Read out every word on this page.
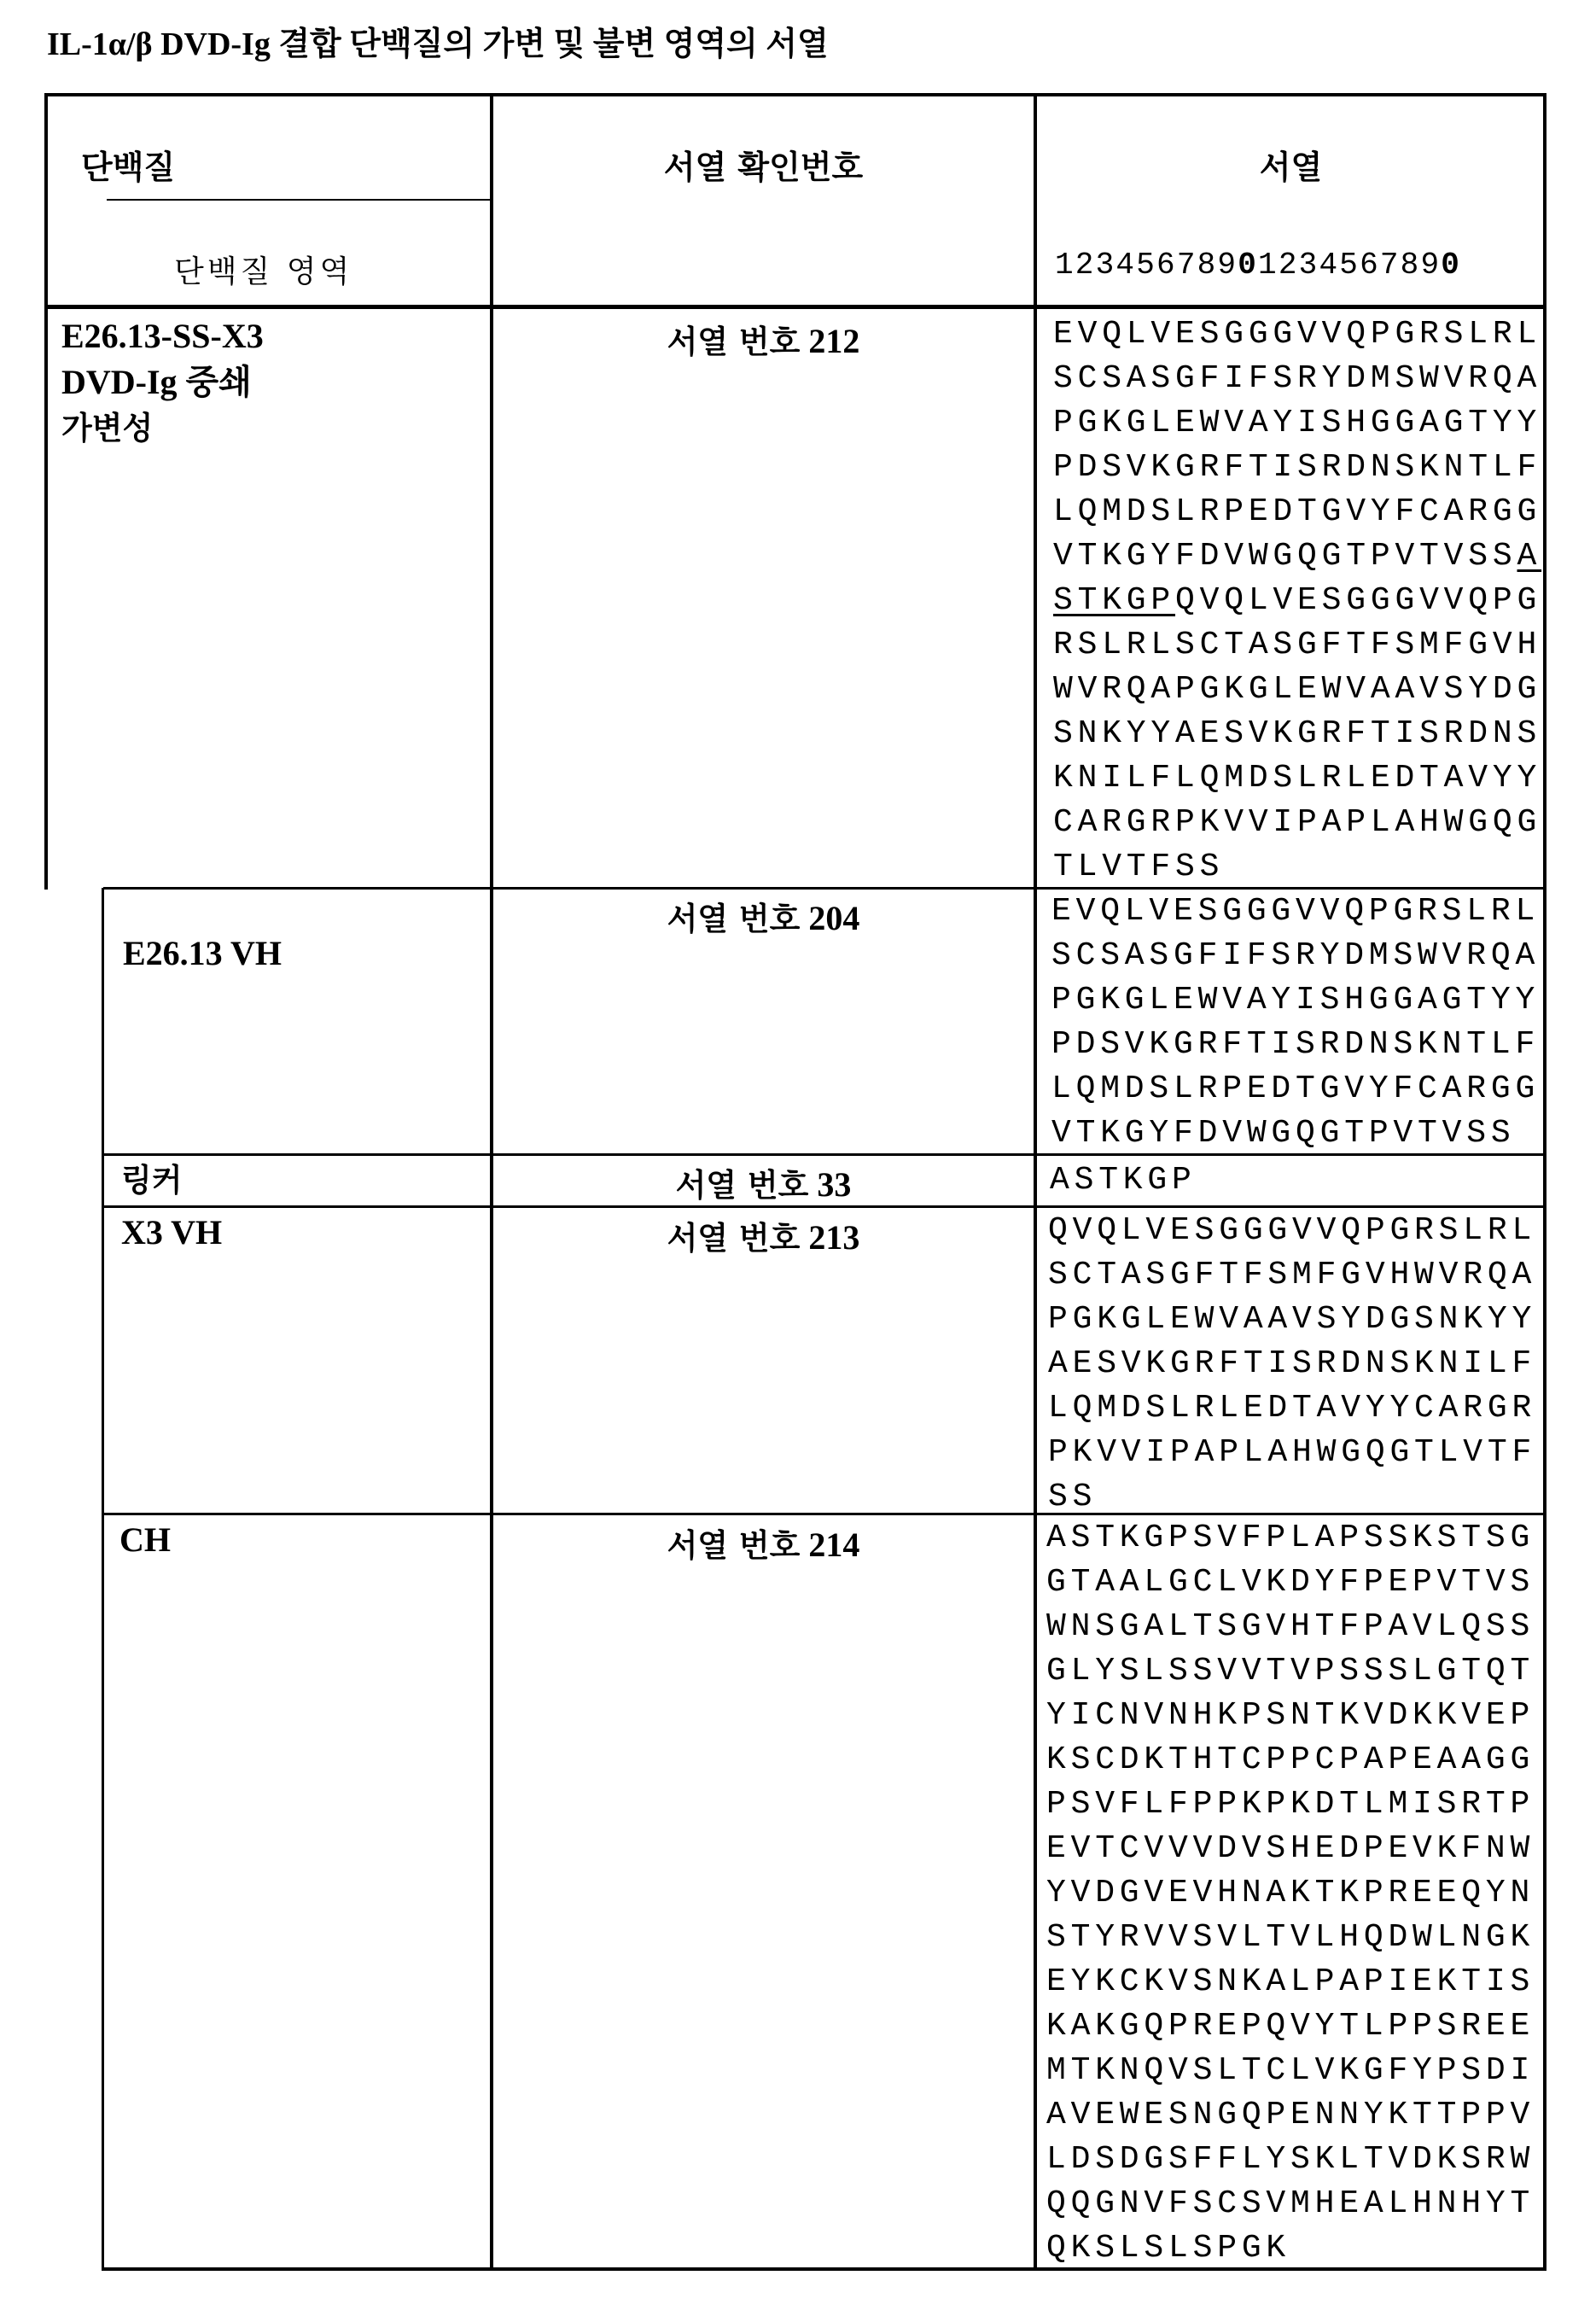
IL-1α/β DVD-Ig 결합 단백질의 가변 및 불변 영역의 서열
단백질
단백질 영역
서열 확인번호	서열
12345678901234567890
E26.13-SS-X3
DVD-Ig 중쇄
가변성
서열 번호 212	EVQLVESGGGVVQPGRSLRL
SCSASGFIFSRYDMSWVRQA
PGKGLEWVAYISHGGAGTYY
PDSVKGRFTISRDNSKNTLF
LQMDSLRPEDTGVYFCARGG
VTKGYFDVWGQGTPVTVSSA
STKGPQVQLVESGGGVVQPG
RSLRLSCTASGFTFSMFGVH
WVRQAPGKGLEWVAAVSYDG
SNKYYAESVKGRFTISRDNS
KNILFLQMDSLRLEDTAVYY
CARGRPKVVIPAPLAHWGQG
TLVTFSS
E26.13 VH
서열 번호 204	EVQLVESGGGVVQPGRSLRL
SCSASGFIFSRYDMSWVRQA
PGKGLEWVAYISHGGAGTYY
PDSVKGRFTISRDNSKNTLF
LQMDSLRPEDTGVYFCARGG
VTKGYFDVWGQGTPVTVSS
링커	서열 번호 33	ASTKGP
X3 VH	서열 번호 213	QVQLVESGGGVVQPGRSLRL
SCTASGFTFSMFGVHWVRQA
PGKGLEWVAAVSYDGSNKYY
AESVKGRFTISRDNSKNILF
LQMDSLRLEDTAVYYCARGR
PKVVIPAPLAHWGQGTLVTF
SS
CH	서열 번호 214	ASTKGPSVFPLAPSSKSTSG
GTAALGCLVKDYFPEPVTVS
WNSGALTSGVHTFPAVLQSS
GLYSLSSVVTVPSSSLGTQT
YICNVNHKPSNTKVDKKVEP
KSCDKTHTCPPCPAPEAAGG
PSVFLFPPKPKDTLMISRTP
EVTCVVVDVSHEDPEVKFNW
YVDGVEVHNAKTKPREEQYN
STYRVVSVLTVLHQDWLNGK
EYKCKVSNKALPAPIEKTIS
KAKGQPREPQVYTLPPSREE
MTKNQVSLTCLVKGFYPSDI
AVEWESNGQPENNYKTTPPV
LDSDGSFFLYSKLTVDKSRW
QQGNVFSCSVMHEALHNHYT
QKSLSLSPGK
